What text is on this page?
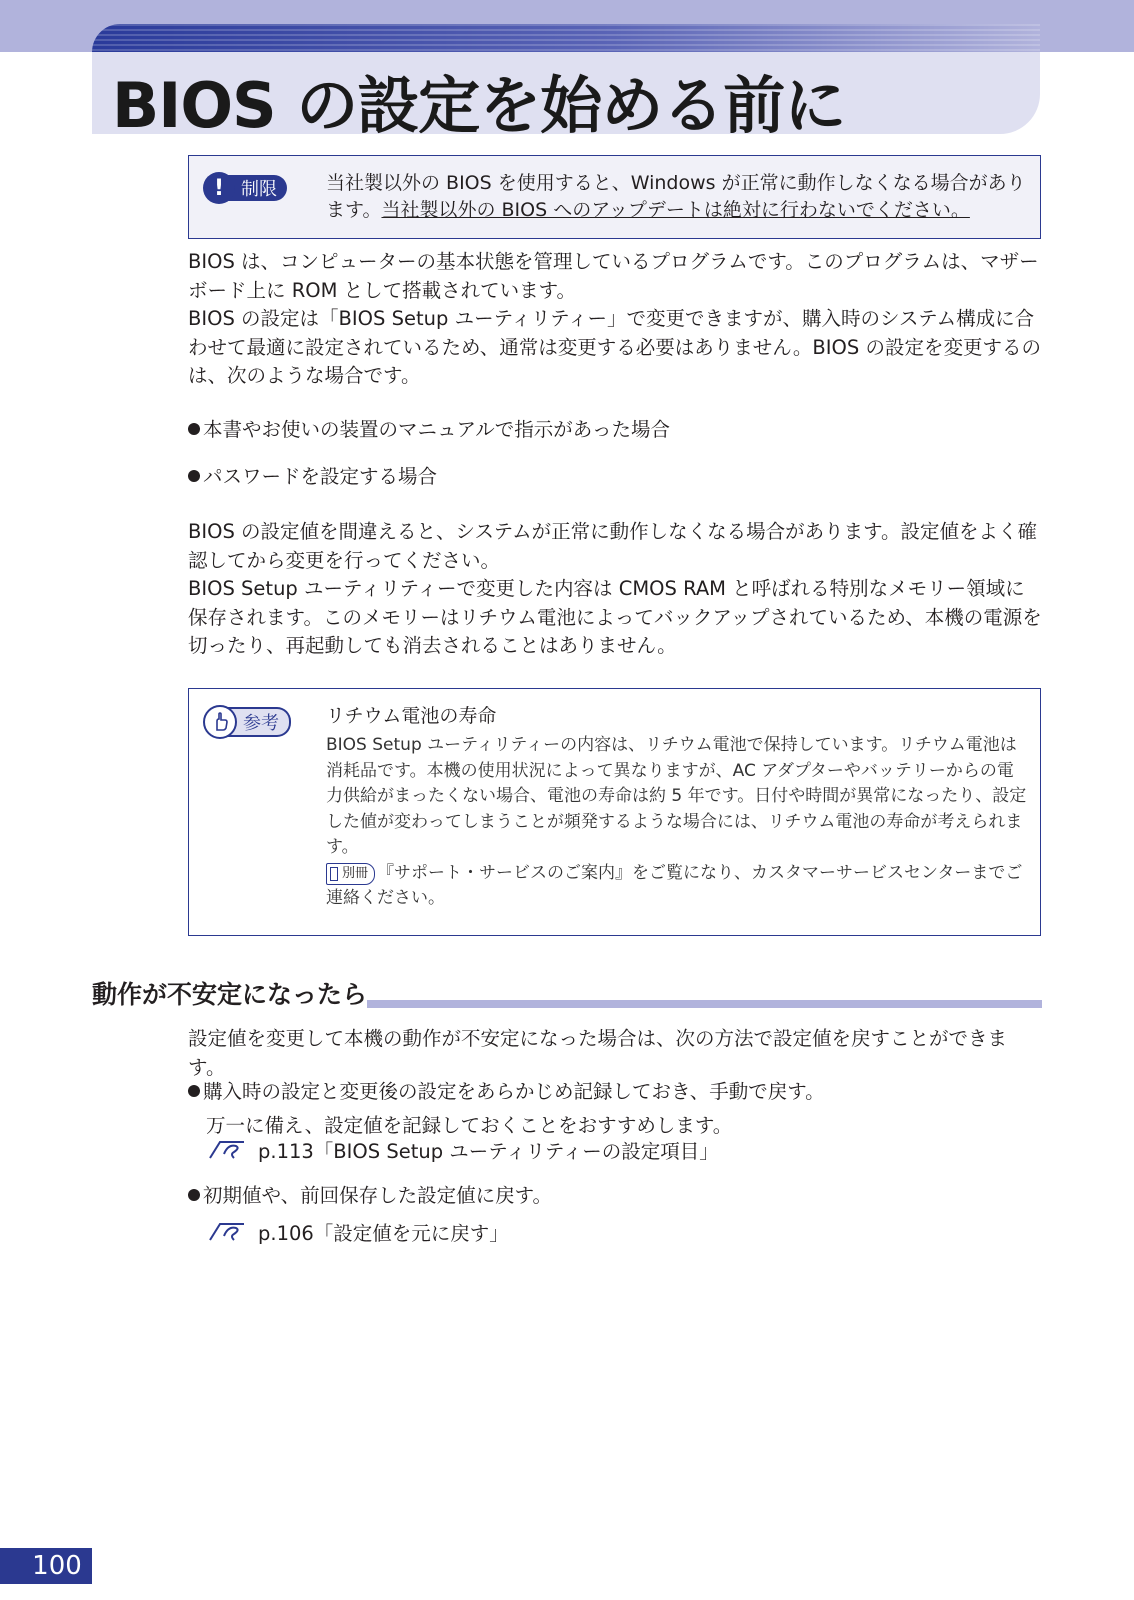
BIOS の設定を始める前に
! 制限	当社製以外の BIOS を使用すると、Windows が正常に動作しなくなる場合があります。当社製以外の BIOS へのアップデートは絶対に行わないでください。

BIOS は、コンピューターの基本状態を管理しているプログラムです。このプログラムは、マザーボード上に ROM として搭載されています。

BIOS の設定は「BIOS Setup ユーティリティー」で変更できますが、購入時のシステム構成に合わせて最適に設定されているため、通常は変更する必要はありません。BIOS の設定を変更するのは、次のような場合です。

本書やお使いの装置のマニュアルで指示があった場合

パスワードを設定する場合

BIOS の設定値を間違えると、システムが正常に動作しなくなる場合があります。設定値をよく確認してから変更を行ってください。

BIOS Setup ユーティリティーで変更した内容は CMOS RAM と呼ばれる特別なメモリー領域に保存されます。このメモリーはリチウム電池によってバックアップされているため、本機の電源を切ったり、再起動しても消去されることはありません。

参考	リチウム電池の寿命
BIOS Setup ユーティリティーの内容は、リチウム電池で保持しています。リチウム電池は消耗品です。本機の使用状況によって異なりますが、AC アダプターやバッテリーからの電力供給がまったくない場合、電池の寿命は約 5 年です。日付や時間が異常になったり、設定した値が変わってしまうことが頻発するような場合には、リチウム電池の寿命が考えられます。
別冊 『サポート・サービスのご案内』をご覧になり、カスタマーサービスセンターまでご連絡ください。
動作が不安定になったら

設定値を変更して本機の動作が不安定になった場合は、次の方法で設定値を戻すことができます。

購入時の設定と変更後の設定をあらかじめ記録しておき、手動で戻す。

万一に備え、設定値を記録しておくことをおすすめします。

p.113「BIOS Setup ユーティリティーの設定項目」

初期値や、前回保存した設定値に戻す。

p.106「設定値を元に戻す」
100
